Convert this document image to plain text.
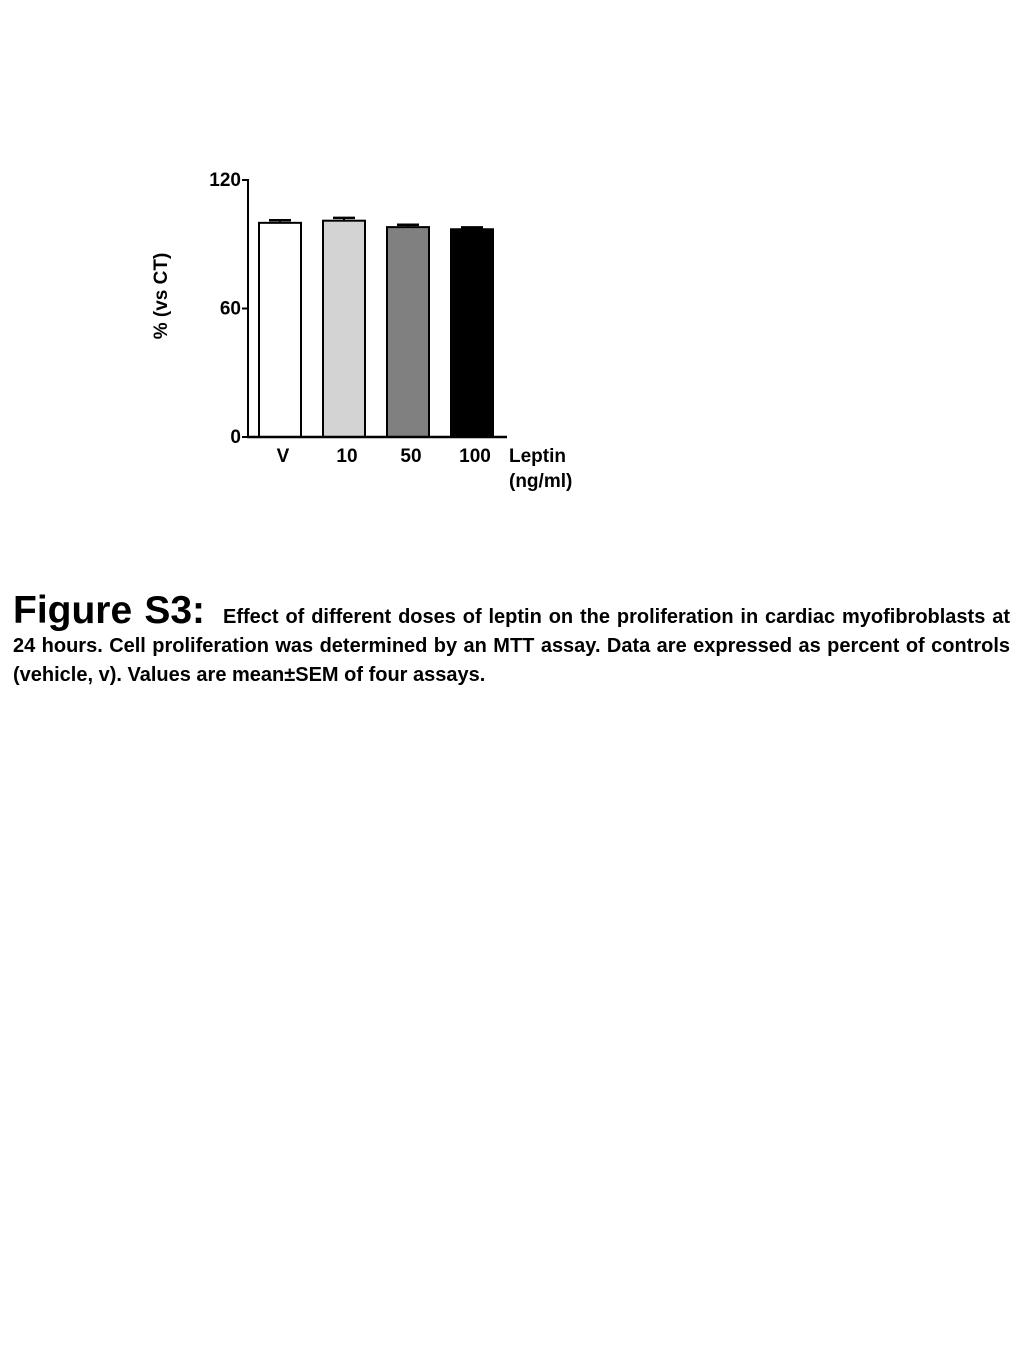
V 10 50 100
0
60
120
% (vs CT)
Leptin
(ng/ml)

Figure S3: Effect of different doses of leptin on the proliferation in cardiac myofibroblasts at 24 hours. Cell proliferation was determined by an MTT assay. Data are expressed as percent of controls (vehicle, v). Values are mean±SEM of four assays.
